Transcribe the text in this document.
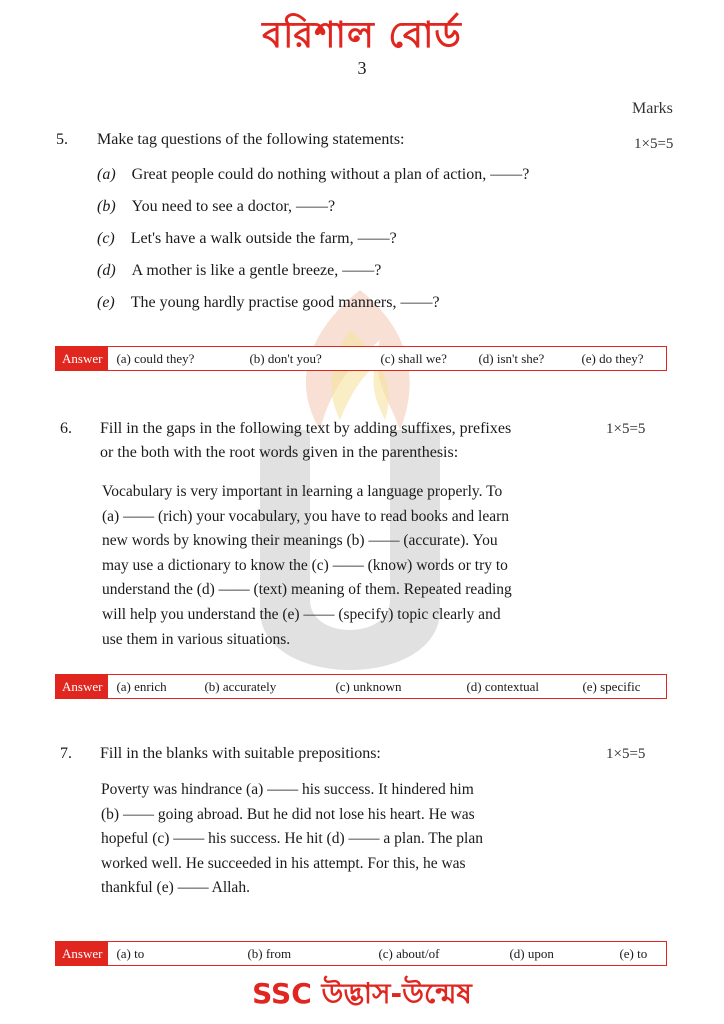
বরিশাল বোর্ড
3
Marks
5. Make tag questions of the following statements:	1×5=5
(a) Great people could do nothing without a plan of action, ——?
(b) You need to see a doctor, ——?
(c) Let's have a walk outside the farm, ——?
(d) A mother is like a gentle breeze, ——?
(e) The young hardly practise good manners, ——?
Answer	(a) could they?	(b) don't you?	(c) shall we?	(d) isn't she?	(e) do they?
6. Fill in the gaps in the following text by adding suffixes, prefixes
or the both with the root words given in the parenthesis:
1×5=5
Vocabulary is very important in learning a language properly. To
(a) —— (rich) your vocabulary, you have to read books and learn
new words by knowing their meanings (b) —— (accurate). You
may use a dictionary to know the (c) —— (know) words or try to
understand the (d) —— (text) meaning of them. Repeated reading
will help you understand the (e) —— (specify) topic clearly and
use them in various situations.
Answer	(a) enrich	(b) accurately	(c) unknown	(d) contextual	(e) specific
7. Fill in the blanks with suitable prepositions:	1×5=5
Poverty was hindrance (a) —— his success. It hindered him
(b) —— going abroad. But he did not lose his heart. He was
hopeful (c) —— his success. He hit (d) —— a plan. The plan
worked well. He succeeded in his attempt. For this, he was
thankful (e) —— Allah.
Answer	(a) to	(b) from	(c) about/of	(d) upon	(e) to
SSC উদ্ভাস-উন্মেষ
